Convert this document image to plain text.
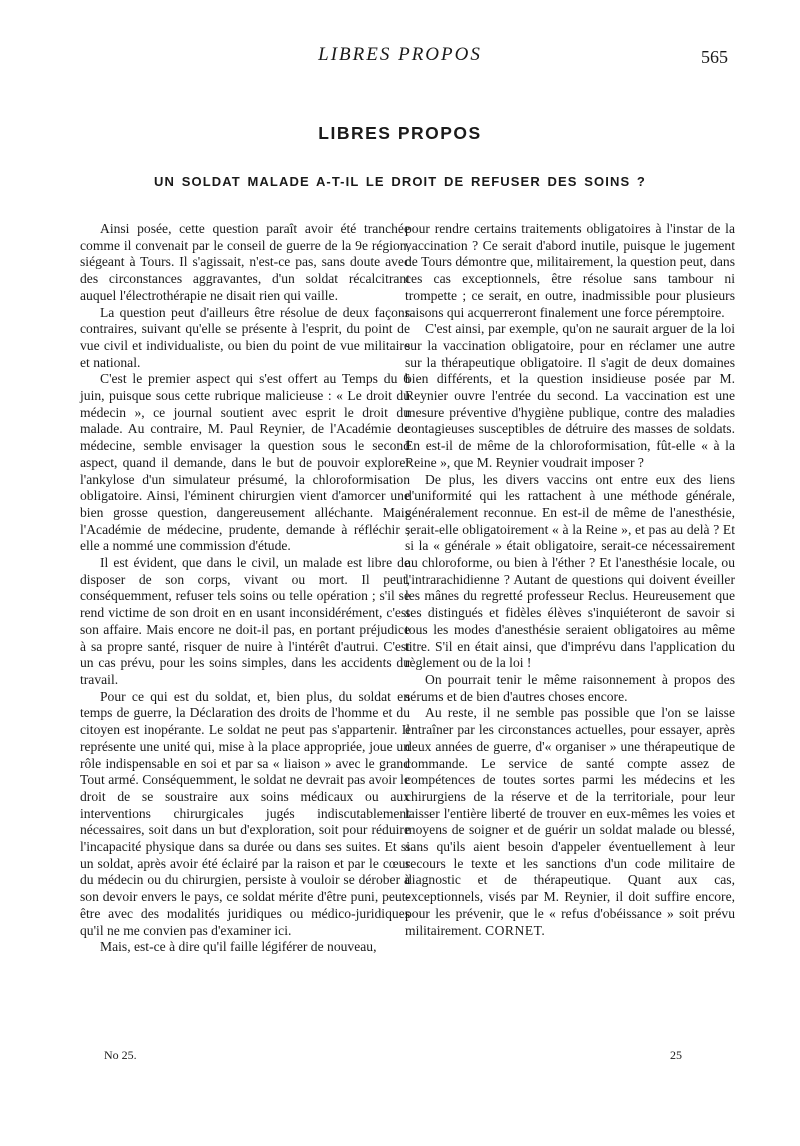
LIBRES PROPOS	565
LIBRES PROPOS
UN SOLDAT MALADE A-T-IL LE DROIT DE REFUSER DES SOINS ?

Ainsi posée, cette question paraît avoir été tranchée comme il convenait par le conseil de guerre de la 9e région, siégeant à Tours. Il s'agissait, n'est-ce pas, sans doute avec des circonstances aggravantes, d'un soldat récalcitrant auquel l'électrothérapie ne disait rien qui vaille.

La question peut d'ailleurs être résolue de deux façons contraires, suivant qu'elle se présente à l'esprit, du point de vue civil et individualiste, ou bien du point de vue militaire et national.

C'est le premier aspect qui s'est offert au Temps du 6 juin, puisque sous cette rubrique malicieuse : « Le droit du médecin », ce journal soutient avec esprit le droit du malade. Au contraire, M. Paul Reynier, de l'Académie de médecine, semble envisager la question sous le second aspect, quand il demande, dans le but de pouvoir explorer l'ankylose d'un simulateur présumé, la chloroformisation obligatoire. Ainsi, l'éminent chirurgien vient d'amorcer une bien grosse question, dangereusement alléchante. Mais l'Académie de médecine, prudente, demande à réfléchir ; elle a nommé une commission d'étude.

Il est évident, que dans le civil, un malade est libre de disposer de son corps, vivant ou mort. Il peut, conséquemment, refuser tels soins ou telle opération ; s'il se rend victime de son droit en en usant inconsidérément, c'est son affaire. Mais encore ne doit-il pas, en portant préjudice à sa propre santé, risquer de nuire à l'intérêt d'autrui. C'est un cas prévu, pour les soins simples, dans les accidents du travail.

Pour ce qui est du soldat, et, bien plus, du soldat en temps de guerre, la Déclaration des droits de l'homme et du citoyen est inopérante. Le soldat ne peut pas s'appartenir. Il représente une unité qui, mise à la place appropriée, joue un rôle indispensable en soi et par sa « liaison » avec le grand Tout armé. Conséquemment, le soldat ne devrait pas avoir le droit de se soustraire aux soins médicaux ou aux interventions chirurgicales jugés indiscutablement nécessaires, soit dans un but d'exploration, soit pour réduire l'incapacité physique dans sa durée ou dans ses suites. Et si un soldat, après avoir été éclairé par la raison et par le cœur du médecin ou du chirurgien, persiste à vouloir se dérober à son devoir envers le pays, ce soldat mérite d'être puni, peut-être avec des modalités juridiques ou médico-juridiques qu'il ne me convien pas d'examiner ici.

Mais, est-ce à dire qu'il faille légiférer de nouveau,

pour rendre certains traitements obligatoires à l'instar de la vaccination ? Ce serait d'abord inutile, puisque le jugement de Tours démontre que, militairement, la question peut, dans ces cas exceptionnels, être résolue sans tambour ni trompette ; ce serait, en outre, inadmissible pour plusieurs raisons qui acquerreront finalement une force péremptoire.

C'est ainsi, par exemple, qu'on ne saurait arguer de la loi sur la vaccination obligatoire, pour en réclamer une autre sur la thérapeutique obligatoire. Il s'agit de deux domaines bien différents, et la question insidieuse posée par M. Reynier ouvre l'entrée du second. La vaccination est une mesure préventive d'hygiène publique, contre des maladies contagieuses susceptibles de détruire des masses de soldats. En est-il de même de la chloroformisation, fût-elle « à la Reine », que M. Reynier voudrait imposer ?

De plus, les divers vaccins ont entre eux des liens d'uniformité qui les rattachent à une méthode générale, généralement reconnue. En est-il de même de l'anesthésie, serait-elle obligatoirement « à la Reine », et pas au delà ? Et si la « générale » était obligatoire, serait-ce nécessairement au chloroforme, ou bien à l'éther ? Et l'anesthésie locale, ou l'intrarachidienne ? Autant de questions qui doivent éveiller les mânes du regretté professeur Reclus. Heureusement que ses distingués et fidèles élèves s'inquiéteront de savoir si tous les modes d'anesthésie seraient obligatoires au même titre. S'il en était ainsi, que d'imprévu dans l'application du règlement ou de la loi !

On pourrait tenir le même raisonnement à propos des sérums et de bien d'autres choses encore.

Au reste, il ne semble pas possible que l'on se laisse entraîner par les circonstances actuelles, pour essayer, après deux années de guerre, d'« organiser » une thérapeutique de commande. Le service de santé compte assez de compétences de toutes sortes parmi les médecins et les chirurgiens de la réserve et de la territoriale, pour leur laisser l'entière liberté de trouver en eux-mêmes les voies et moyens de soigner et de guérir un soldat malade ou blessé, sans qu'ils aient besoin d'appeler éventuellement à leur secours le texte et les sanctions d'un code militaire de diagnostic et de thérapeutique. Quant aux cas, exceptionnels, visés par M. Reynier, il doit suffire encore, pour les prévenir, que le « refus d'obéissance » soit prévu militairement. CORNET.

No 25.	25
